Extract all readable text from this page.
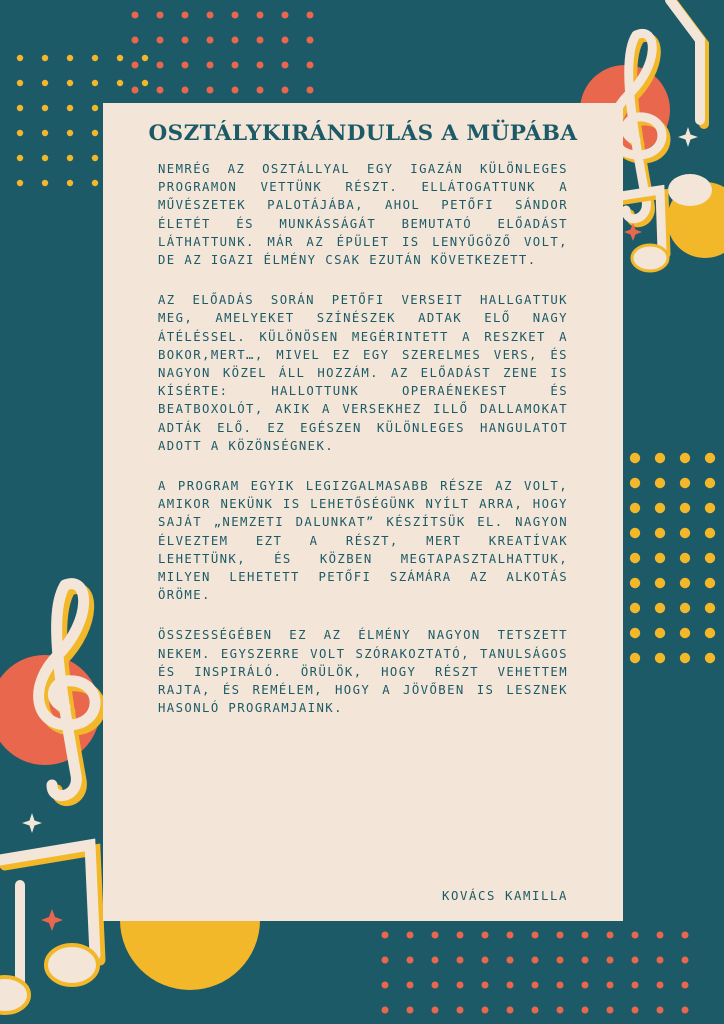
OSZTÁLYKIRÁNDULÁS A MÜPÁBA

NEMRÉG AZ OSZTÁLLYAL EGY IGAZÁN KÜLÖNLEGES PROGRAMON VETTÜNK RÉSZT. ELLÁTOGATTUNK A MŰVÉSZETEK PALOTÁJÁBA, AHOL PETŐFI SÁNDOR ÉLETÉT ÉS MUNKÁSSÁGÁT BEMUTATÓ ELŐADÁST LÁTHATTUNK. MÁR AZ ÉPÜLET IS LENYŰGÖZŐ VOLT, DE AZ IGAZI ÉLMÉNY CSAK EZUTÁN KÖVETKEZETT.

AZ ELŐADÁS SORÁN PETŐFI VERSEIT HALLGATTUK MEG, AMELYEKET SZÍNÉSZEK ADTAK ELŐ NAGY ÁTÉLÉSSEL. KÜLÖNÖSEN MEGÉRINTETT A RESZKET A BOKOR,MERT…, MIVEL EZ EGY SZERELMES VERS, ÉS NAGYON KÖZEL ÁLL HOZZÁM. AZ ELŐADÁST ZENE IS KÍSÉRTE: HALLOTTUNK OPERAÉNEKEST ÉS BEATBOXOLÓT, AKIK A VERSEKHEZ ILLŐ DALLAMOKAT ADTÁK ELŐ. EZ EGÉSZEN KÜLÖNLEGES HANGULATOT ADOTT A KÖZÖNSÉGNEK.

A PROGRAM EGYIK LEGIZGALMASABB RÉSZE AZ VOLT, AMIKOR NEKÜNK IS LEHETŐSÉGÜNK NYÍLT ARRA, HOGY SAJÁT „NEMZETI DALUNKAT” KÉSZÍTSÜK EL. NAGYON ÉLVEZTEM EZT A RÉSZT, MERT KREATÍVAK LEHETTÜNK, ÉS KÖZBEN MEGTAPASZTALHATTUK, MILYEN LEHETETT PETŐFI SZÁMÁRA AZ ALKOTÁS ÖRÖME.

ÖSSZESSÉGÉBEN EZ AZ ÉLMÉNY NAGYON TETSZETT NEKEM. EGYSZERRE VOLT SZÓRAKOZTATÓ, TANULSÁGOS ÉS INSPIRÁLÓ. ÖRÜLÖK, HOGY RÉSZT VEHETTEM RAJTA, ÉS REMÉLEM, HOGY A JÖVŐBEN IS LESZNEK HASONLÓ PROGRAMJAINK.

KOVÁCS KAMILLA
